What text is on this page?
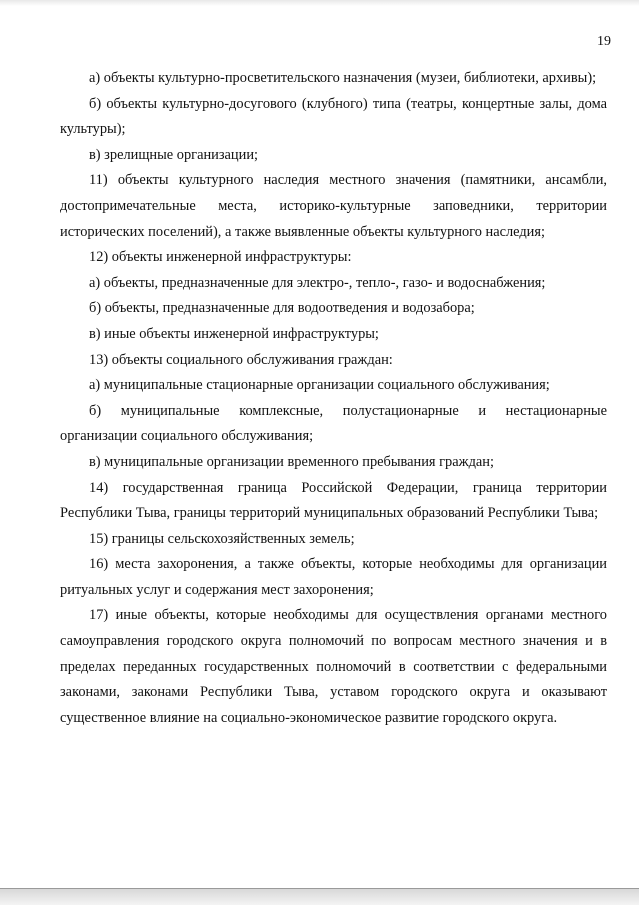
19

а) объекты культурно-просветительского назначения (музеи, библиотеки, архивы);

б) объекты культурно-досугового (клубного) типа (театры, концертные залы, дома культуры);

в) зрелищные организации;

11) объекты культурного наследия местного значения (памятники, ансамбли, достопримечательные места, историко-культурные заповедники, территории исторических поселений), а также выявленные объекты культурного наследия;

12) объекты инженерной инфраструктуры:

а) объекты, предназначенные для электро-, тепло-, газо- и водоснабжения;

б) объекты, предназначенные для водоотведения и водозабора;

в) иные объекты инженерной инфраструктуры;

13) объекты социального обслуживания граждан:

а) муниципальные стационарные организации социального обслуживания;

б) муниципальные комплексные, полустационарные и нестационарные организации социального обслуживания;

в) муниципальные организации временного пребывания граждан;

14) государственная граница Российской Федерации, граница территории Республики Тыва, границы территорий муниципальных образований Республики Тыва;

15) границы сельскохозяйственных земель;

16) места захоронения, а также объекты, которые необходимы для организации ритуальных услуг и содержания мест захоронения;

17) иные объекты, которые необходимы для осуществления органами местного самоуправления городского округа полномочий по вопросам местного значения и в пределах переданных государственных полномочий в соответствии с федеральными законами, законами Республики Тыва, уставом городского округа и оказывают существенное влияние на социально-экономическое развитие городского округа.
